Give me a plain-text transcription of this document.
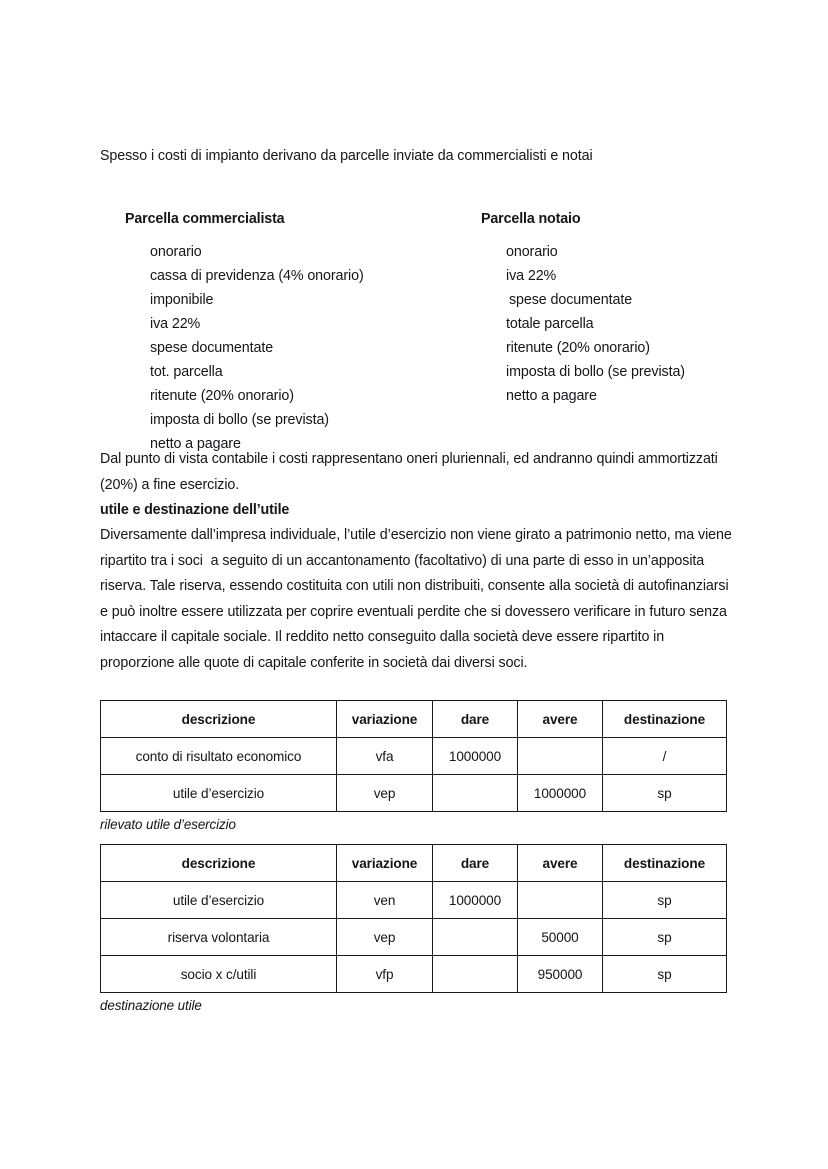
Spesso i costi di impianto derivano da parcelle inviate da commercialisti e notai

Parcella commercialista
onorario
cassa di previdenza (4% onorario)
imponibile
iva 22%
spese documentate
tot. parcella
ritenute (20% onorario)
imposta di bollo (se prevista)
netto a pagare
Parcella notaio
onorario
iva 22%
spese documentate
totale parcella
ritenute (20% onorario)
imposta di bollo (se prevista)
netto a pagare

Dal punto di vista contabile i costi rappresentano oneri pluriennali, ed andranno quindi ammortizzati (20%) a fine esercizio.

utile e destinazione dell’utile

Diversamente dall’impresa individuale, l’utile d’esercizio non viene girato a patrimonio netto, ma viene ripartito tra i soci  a seguito di un accantonamento (facoltativo) di una parte di esso in un’apposita riserva. Tale riserva, essendo costituita con utili non distribuiti, consente alla società di autofinanziarsi e può inoltre essere utilizzata per coprire eventuali perdite che si dovessero verificare in futuro senza intaccare il capitale sociale. Il reddito netto conseguito dalla società deve essere ripartito in proporzione alle quote di capitale conferite in società dai diversi soci.

descrizione	variazione	dare	avere	destinazione
conto di risultato economico	vfa	1000000		/
utile d’esercizio	vep		1000000	sp

rilevato utile d’esercizio

descrizione	variazione	dare	avere	destinazione
utile d’esercizio	ven	1000000		sp
riserva volontaria	vep		50000	sp
socio x c/utili	vfp		950000	sp

destinazione utile
